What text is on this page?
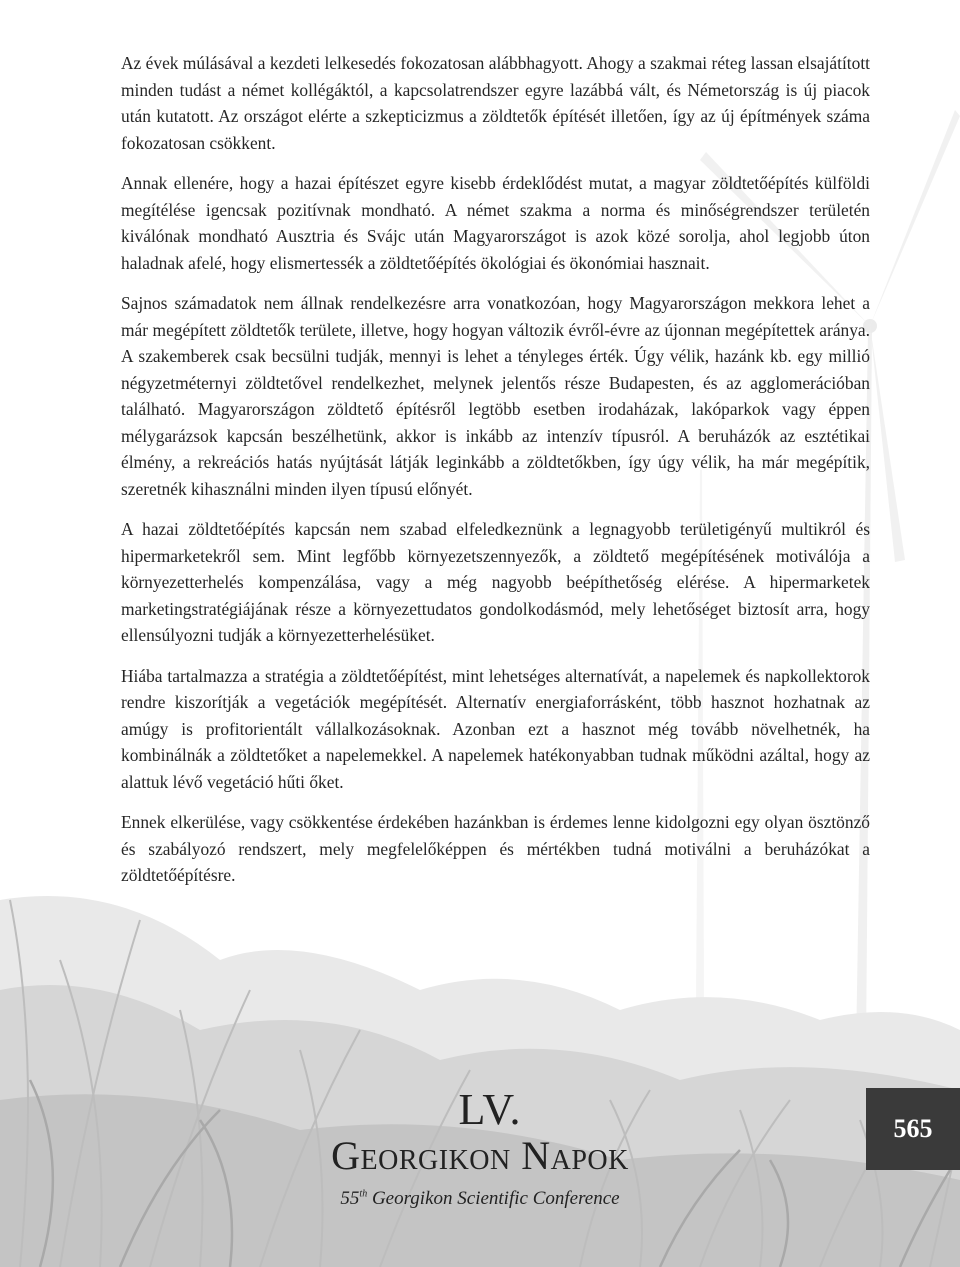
Az évek múlásával a kezdeti lelkesedés fokozatosan alábbhagyott. Ahogy a szakmai réteg lassan elsajátított minden tudást a német kollégáktól, a kapcsolatrendszer egyre lazábbá vált, és Németország is új piacok után kutatott. Az országot elérte a szkepticizmus a zöldtetők építését illetően, így az új építmények száma fokozatosan csökkent.

Annak ellenére, hogy a hazai építészet egyre kisebb érdeklődést mutat, a magyar zöldtetőépítés külföldi megítélése igencsak pozitívnak mondható. A német szakma a norma és minőségrendszer területén kiválónak mondható Ausztria és Svájc után Magyarországot is azok közé sorolja, ahol legjobb úton haladnak afelé, hogy elismertessék a zöldtetőépítés ökológiai és ökonómiai hasznait.

Sajnos számadatok nem állnak rendelkezésre arra vonatkozóan, hogy Magyarországon mekkora lehet a már megépített zöldtetők területe, illetve, hogy hogyan változik évről-évre az újonnan megépítettek aránya. A szakemberek csak becsülni tudják, mennyi is lehet a tényleges érték. Úgy vélik, hazánk kb. egy millió négyzetméternyi zöldtetővel rendelkezhet, melynek jelentős része Budapesten, és az agglomerációban található. Magyarországon zöldtető építésről legtöbb esetben irodaházak, lakóparkok vagy éppen mélygarázsok kapcsán beszélhetünk, akkor is inkább az intenzív típusról. A beruházók az esztétikai élmény, a rekreációs hatás nyújtását látják leginkább a zöldtetőkben, így úgy vélik, ha már megépítik, szeretnék kihasználni minden ilyen típusú előnyét.

A hazai zöldtetőépítés kapcsán nem szabad elfeledkeznünk a legnagyobb területigényű multikról és hipermarketekről sem. Mint legfőbb környezetszennyezők, a zöldtető megépítésének motiválója a környezetterhelés kompenzálása, vagy a még nagyobb beépíthetőség elérése. A hipermarketek marketingstratégiájának része a környezettudatos gondolkodásmód, mely lehetőséget biztosít arra, hogy ellensúlyozni tudják a környezetterhelésüket.

Hiába tartalmazza a stratégia a zöldtetőépítést, mint lehetséges alternatívát, a napelemek és napkollektorok rendre kiszorítják a vegetációk megépítését. Alternatív energiaforrásként, több hasznot hozhatnak az amúgy is profitorientált vállalkozásoknak. Azonban ezt a hasznot még tovább növelhetnék, ha kombinálnák a zöldtetőket a napelemekkel. A napelemek hatékonyabban tudnak működni azáltal, hogy az alattuk lévő vegetáció hűti őket.

Ennek elkerülése, vagy csökkentése érdekében hazánkban is érdemes lenne kidolgozni egy olyan ösztönző és szabályozó rendszert, mely megfelelőképpen és mértékben tudná motiválni a beruházókat a zöldtetőépítésre.

LV.
Georgikon Napok
55th Georgikon Scientific Conference
565
